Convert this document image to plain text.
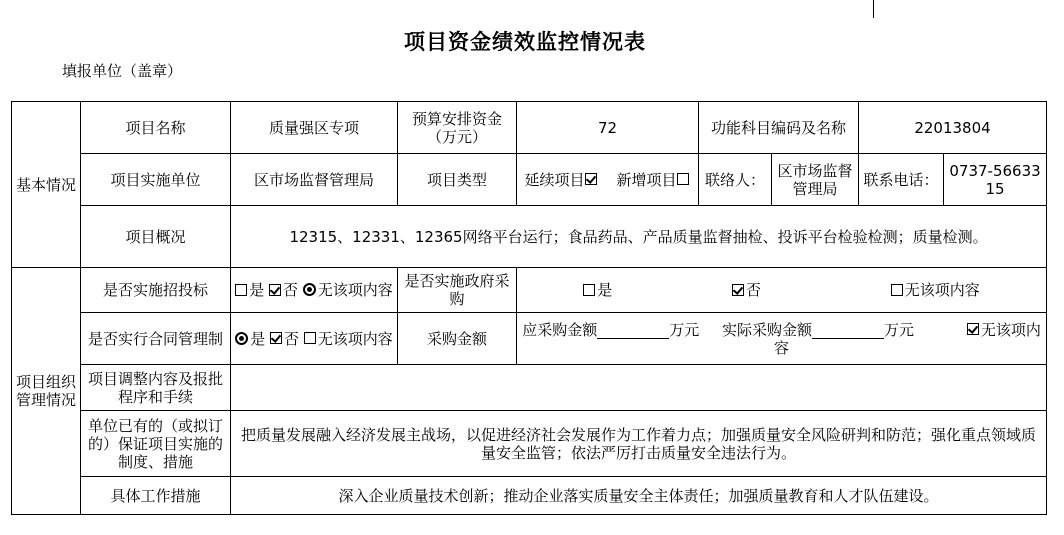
项目资金绩效监控情况表
填报单位（盖章）
基本情况	项目名称	质量强区专项	预算安排资金（万元）	72	功能科目编码及名称		22013804	
	项目实施单位	区市场监督管理局	项目类型	延续项目 新增项目	联络人：	区市场监督管理局	联系电话：	0737-5663315
	项目概况	12315、12331、12365网络平台运行；食品药品、产品质量监督抽检、投诉平台检验检测；质量检测。						
项目组织管理情况	是否实施招投标	是 否 无该项内容	是否实施政府采购	是 否 无该项内容				
	是否实行合同管理制	是 否 无该项内容	采购金额	应采购金额 万元 实际采购金额 万元 无该项内容				
	项目调整内容及报批程序和手续							
	单位已有的（或拟订的）保证项目实施的制度、措施	把质量发展融入经济发展主战场，以促进经济社会发展作为工作着力点；加强质量安全风险研判和防范；强化重点领域质量安全监管；依法严厉打击质量安全违法行为。						
	具体工作措施	深入企业质量技术创新；推动企业落实质量安全主体责任；加强质量教育和人才队伍建设。						
